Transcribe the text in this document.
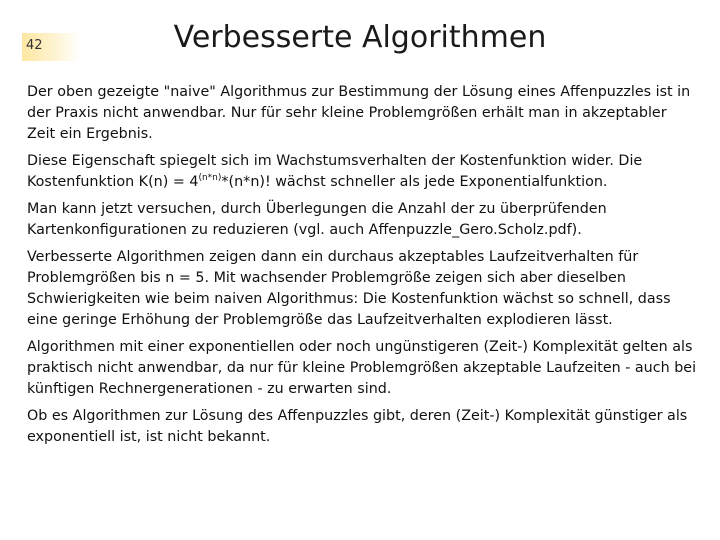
42	Verbesserte Algorithmen

Der oben gezeigte "naive" Algorithmus zur Bestimmung der Lösung eines Affenpuzzles ist in der Praxis nicht anwendbar. Nur für sehr kleine Problemgrößen erhält man in akzeptabler Zeit ein Ergebnis.

Diese Eigenschaft spiegelt sich im Wachstumsverhalten der Kostenfunktion wider. Die Kostenfunktion $K(n) = 4^{(n*n)}*(n*n)$! wächst schneller als jede Exponentialfunktion.

Man kann jetzt versuchen, durch Überlegungen die Anzahl der zu überprüfenden Kartenkonfigurationen zu reduzieren (vgl. auch Affenpuzzle_Gero.Scholz.pdf).

Verbesserte Algorithmen zeigen dann ein durchaus akzeptables Laufzeitverhalten für Problemgrößen bis n = 5. Mit wachsender Problemgröße zeigen sich aber dieselben Schwierigkeiten wie beim naiven Algorithmus: Die Kostenfunktion wächst so schnell, dass eine geringe Erhöhung der Problemgröße das Laufzeitverhalten explodieren lässt.

Algorithmen mit einer exponentiellen oder noch ungünstigeren (Zeit-) Komplexität gelten als praktisch nicht anwendbar, da nur für kleine Problemgrößen akzeptable Laufzeiten - auch bei künftigen Rechnergenerationen - zu erwarten sind.

Ob es Algorithmen zur Lösung des Affenpuzzles gibt, deren (Zeit-) Komplexität günstiger als exponentiell ist, ist nicht bekannt.
